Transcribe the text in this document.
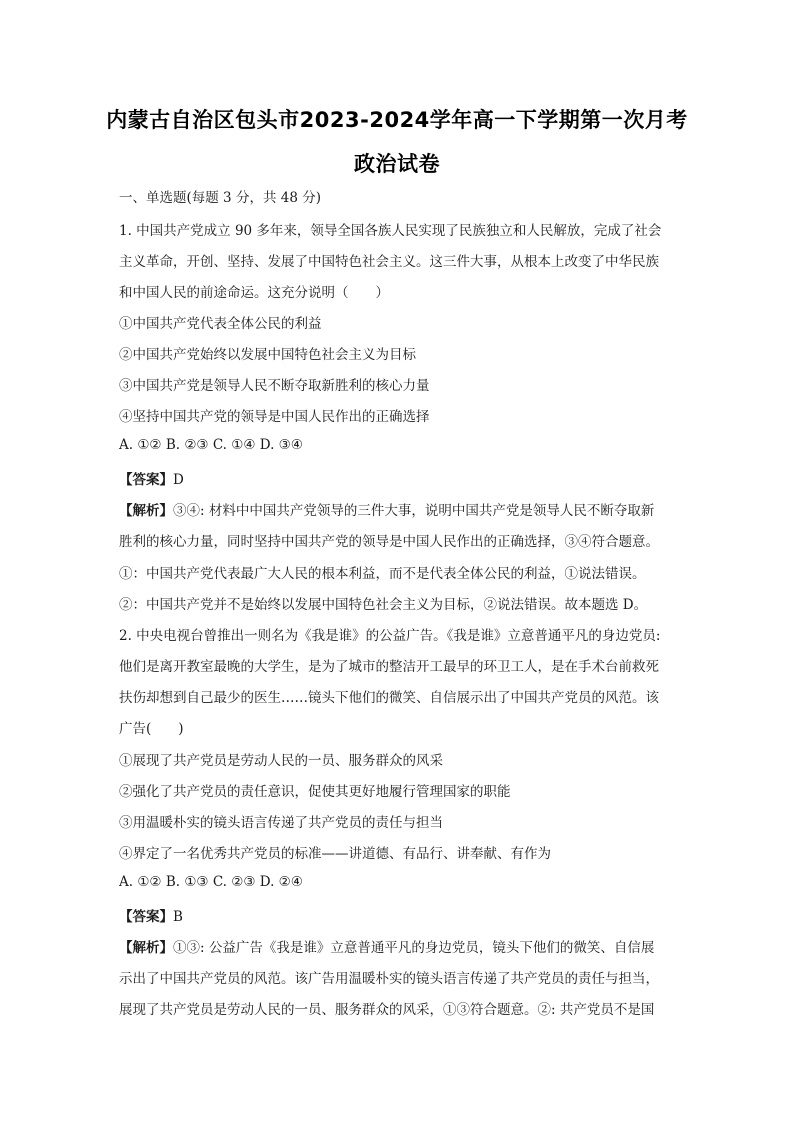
内蒙古自治区包头市2023-2024学年高一下学期第一次月考
政治试卷
一、单选题(每题 3 分，共 48 分)
1. 中国共产党成立 90 多年来，领导全国各族人民实现了民族独立和人民解放，完成了社会
主义革命，开创、坚持、发展了中国特色社会主义。这三件大事，从根本上改变了中华民族
和中国人民的前途命运。这充分说明（　　）
①中国共产党代表全体公民的利益
②中国共产党始终以发展中国特色社会主义为目标
③中国共产党是领导人民不断夺取新胜利的核心力量
④坚持中国共产党的领导是中国人民作出的正确选择
A. ①② B. ②③ C. ①④ D. ③④
【答案】D
【解析】③④: 材料中中国共产党领导的三件大事，说明中国共产党是领导人民不断夺取新
胜利的核心力量，同时坚持中国共产党的领导是中国人民作出的正确选择，③④符合题意。
①：中国共产党代表最广大人民的根本利益，而不是代表全体公民的利益，①说法错误。
②：中国共产党并不是始终以发展中国特色社会主义为目标，②说法错误。故本题选 D。
2. 中央电视台曾推出一则名为《我是谁》的公益广告。《我是谁》立意普通平凡的身边党员:
他们是离开教室最晚的大学生，是为了城市的整洁开工最早的环卫工人，是在手术台前救死
扶伤却想到自己最少的医生……镜头下他们的微笑、自信展示出了中国共产党员的风范。该
广告(　　)
①展现了共产党员是劳动人民的一员、服务群众的风采
②强化了共产党员的责任意识，促使其更好地履行管理国家的职能
③用温暖朴实的镜头语言传递了共产党员的责任与担当
④界定了一名优秀共产党员的标准——讲道德、有品行、讲奉献、有作为
A. ①② B. ①③ C. ②③ D. ②④
【答案】B
【解析】①③: 公益广告《我是谁》立意普通平凡的身边党员，镜头下他们的微笑、自信展
示出了中国共产党员的风范。该广告用温暖朴实的镜头语言传递了共产党员的责任与担当，
展现了共产党员是劳动人民的一员、服务群众的风采，①③符合题意。②: 共产党员不是国
